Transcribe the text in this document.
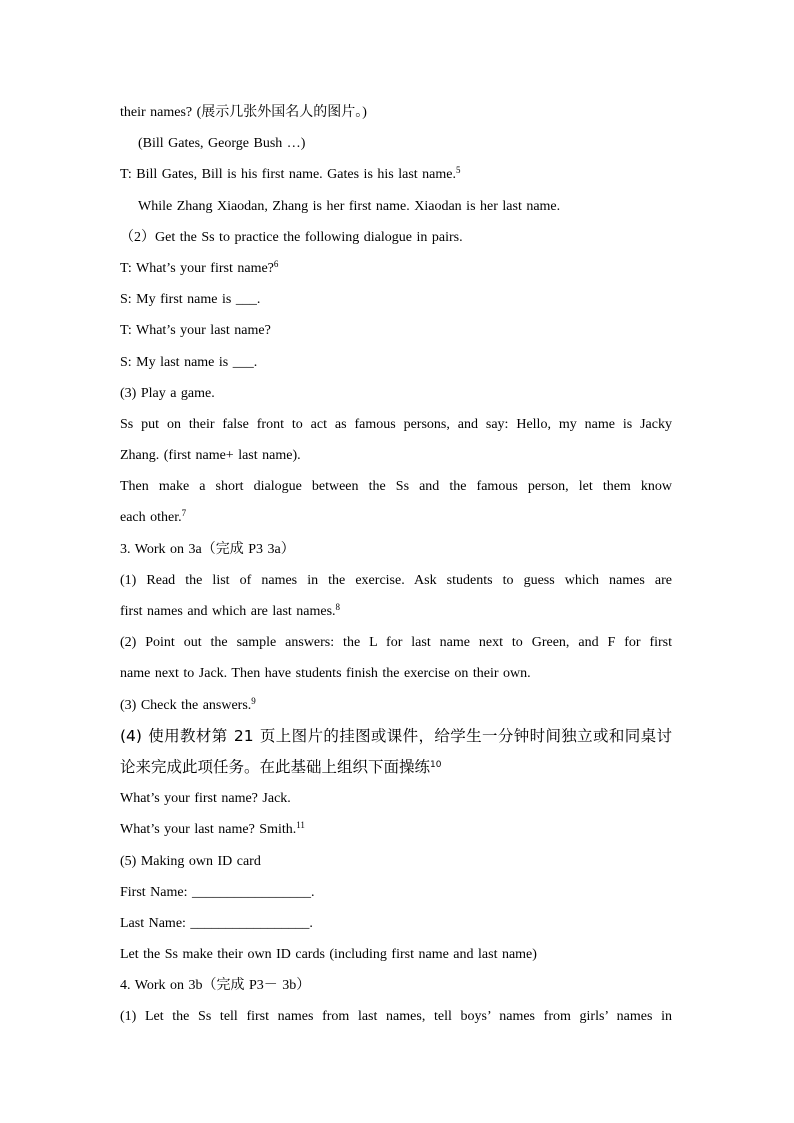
their names? (展示几张外国名人的图片。)
(Bill Gates, George Bush …)
T: Bill Gates, Bill is his first name. Gates is his last name.$^5$
While Zhang Xiaodan, Zhang is her first name. Xiaodan is her last name.
（2）Get the Ss to practice the following dialogue in pairs.
T: What’s your first name?$^6$
S: My first name is ___.
T: What’s your last name?
S: My last name is ___.
(3) Play a game.
Ss put on their false front to act as famous persons, and say: Hello, my name is Jacky
Zhang. (first name+ last name).
Then make a short dialogue between the Ss and the famous person, let them know
each other.$^7$
3. Work on 3a（完成 P3 3a）
(1) Read the list of names in the exercise. Ask students to guess which names are
first names and which are last names.$^8$
(2) Point out the sample answers: the L for last name next to Green, and F for first
name next to Jack. Then have students finish the exercise on their own.
(3) Check the answers.$^9$
(4) 使用教材第 21 页上图片的挂图或课件，给学生一分钟时间独立或和同桌讨
论来完成此项任务。在此基础上组织下面操练$^{10}$
What’s your first name? Jack.
What’s your last name? Smith.$^{11}$
(5) Making own ID card
First Name: _________________.
Last Name: _________________.
Let the Ss make their own ID cards (including first name and last name)
4. Work on 3b（完成 P3－ 3b）
(1) Let the Ss tell first names from last names, tell boys’ names from girls’ names in
